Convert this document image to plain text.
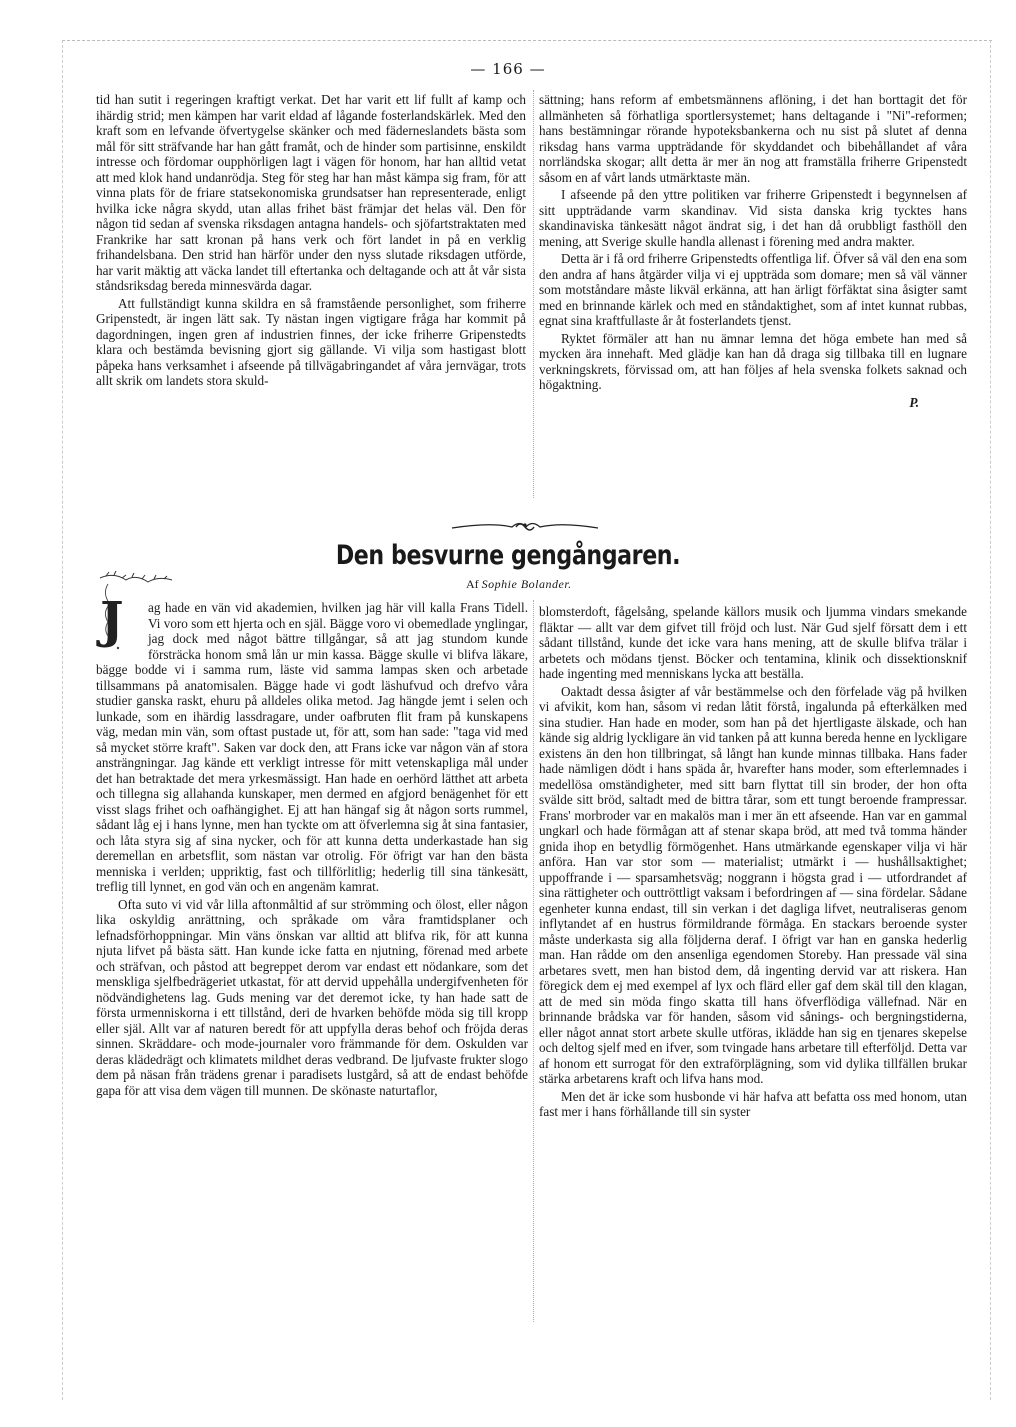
— 166 —

tid han sutit i regeringen kraftigt verkat. Det har varit ett lif fullt af kamp och ihärdig strid; men kämpen har varit eldad af lågande fosterlandskärlek. Med den kraft som en lefvande öfvertygelse skänker och med fäderneslandets bästa som mål för sitt sträfvande har han gått framåt, och de hinder som partisinne, enskildt intresse och fördomar oupphörligen lagt i vägen för honom, har han alltid vetat att med klok hand undanrödja. Steg för steg har han måst kämpa sig fram, för att vinna plats för de friare statsekonomiska grundsatser han representerade, enligt hvilka icke några skydd, utan allas frihet bäst främjar det helas väl. Den för någon tid sedan af svenska riksdagen antagna handels- och sjöfartstraktaten med Frankrike har satt kronan på hans verk och fört landet in på en verklig frihandelsbana. Den strid han härför under den nyss slutade riksdagen utförde, har varit mäktig att väcka landet till eftertanka och deltagande och att åt vår sista ståndsriksdag bereda minnesvärda dagar.

Att fullständigt kunna skildra en så framstående personlighet, som friherre Gripenstedt, är ingen lätt sak. Ty nästan ingen vigtigare fråga har kommit på dagordningen, ingen gren af industrien finnes, der icke friherre Gripenstedts klara och bestämda bevisning gjort sig gällande. Vi vilja som hastigast blott påpeka hans verksamhet i afseende på tillvägabringandet af våra jernvägar, trots allt skrik om landets stora skuld-

sättning; hans reform af embetsmännens aflöning, i det han borttagit det för allmänheten så förhatliga sportlersystemet; hans deltagande i "Ni"-reformen; hans bestämningar rörande hypoteksbankerna och nu sist på slutet af denna riksdag hans varma uppträdande för skyddandet och bibehållandet af våra norrländska skogar; allt detta är mer än nog att framställa friherre Gripenstedt såsom en af vårt lands utmärktaste män.

I afseende på den yttre politiken var friherre Gripenstedt i begynnelsen af sitt uppträdande varm skandinav. Vid sista danska krig tycktes hans skandinaviska tänkesätt något ändrat sig, i det han då orubbligt fasthöll den mening, att Sverige skulle handla allenast i förening med andra makter.

Detta är i få ord friherre Gripenstedts offentliga lif. Öfver så väl den ena som den andra af hans åtgärder vilja vi ej uppträda som domare; men så väl vänner som motståndare måste likväl erkänna, att han ärligt förfäktat sina åsigter samt med en brinnande kärlek och med en ståndaktighet, som af intet kunnat rubbas, egnat sina kraftfullaste år åt fosterlandets tjenst.

Ryktet förmäler att han nu ämnar lemna det höga embete han med så mycken ära innehaft. Med glädje kan han då draga sig tillbaka till en lugnare verkningskrets, förvissad om, att han följes af hela svenska folkets saknad och högaktning.

P.

Den besvurne gengångaren.
Af Sophie Bolander.

J ag hade en vän vid akademien, hvilken jag här vill kalla Frans Tidell. Vi voro som ett hjerta och en själ. Bägge voro vi obemedlade ynglingar, jag dock med något bättre tillgångar, så att jag stundom kunde försträcka honom små lån ur min kassa. Bägge skulle vi blifva läkare, bägge bodde vi i samma rum, läste vid samma lampas sken och arbetade tillsammans på anatomisalen. Bägge hade vi godt läshufvud och drefvo våra studier ganska raskt, ehuru på alldeles olika metod. Jag hängde jemt i selen och lunkade, som en ihärdig lassdragare, under oafbruten flit fram på kunskapens väg, medan min vän, som oftast pustade ut, för att, som han sade: "taga vid med så mycket större kraft". Saken var dock den, att Frans icke var någon vän af stora ansträngningar. Jag kände ett verkligt intresse för mitt vetenskapliga mål under det han betraktade det mera yrkesmässigt. Han hade en oerhörd lätthet att arbeta och tillegna sig allahanda kunskaper, men dermed en afgjord benägenhet för ett visst slags frihet och oafhängighet. Ej att han hängaf sig åt någon sorts rummel, sådant låg ej i hans lynne, men han tyckte om att öfverlemna sig åt sina fantasier, och låta styra sig af sina nycker, och för att kunna detta underkastade han sig deremellan en arbetsflit, som nästan var otrolig. För öfrigt var han den bästa menniska i verlden; uppriktig, fast och tillförlitlig; hederlig till sina tänkesätt, treflig till lynnet, en god vän och en angenäm kamrat.

Ofta suto vi vid vår lilla aftonmåltid af sur strömming och ölost, eller någon lika oskyldig anrättning, och språkade om våra framtidsplaner och lefnadsförhoppningar. Min väns önskan var alltid att blifva rik, för att kunna njuta lifvet på bästa sätt. Han kunde icke fatta en njutning, förenad med arbete och sträfvan, och påstod att begreppet derom var endast ett nödankare, som det menskliga sjelfbedrägeriet utkastat, för att dervid uppehålla undergifvenheten för nödvändighetens lag. Guds mening var det deremot icke, ty han hade satt de första urmenniskorna i ett tillstånd, deri de hvarken behöfde möda sig till kropp eller själ. Allt var af naturen beredt för att uppfylla deras behof och fröjda deras sinnen. Skräddare- och mode-journaler voro främmande för dem. Oskulden var deras klädedrägt och klimatets mildhet deras vedbrand. De ljufvaste frukter slogo dem på näsan från trädens grenar i paradisets lustgård, så att de endast behöfde gapa för att visa dem vägen till munnen. De skönaste naturtaflor,

blomsterdoft, fågelsång, spelande källors musik och ljumma vindars smekande fläktar — allt var dem gifvet till fröjd och lust. När Gud sjelf försatt dem i ett sådant tillstånd, kunde det icke vara hans mening, att de skulle blifva trälar i arbetets och mödans tjenst. Böcker och tentamina, klinik och dissektionsknif hade ingenting med menniskans lycka att beställa.

Oaktadt dessa åsigter af vår bestämmelse och den förfelade väg på hvilken vi afvikit, kom han, såsom vi redan låtit förstå, ingalunda på efterkälken med sina studier. Han hade en moder, som han på det hjertligaste älskade, och han kände sig aldrig lyckligare än vid tanken på att kunna bereda henne en lyckligare existens än den hon tillbringat, så långt han kunde minnas tillbaka. Hans fader hade nämligen dödt i hans späda år, hvarefter hans moder, som efterlemnades i medellösa omständigheter, med sitt barn flyttat till sin broder, der hon ofta svälde sitt bröd, saltadt med de bittra tårar, som ett tungt beroende frampressar. Frans' morbroder var en makalös man i mer än ett afseende. Han var en gammal ungkarl och hade förmågan att af stenar skapa bröd, att med två tomma händer gnida ihop en betydlig förmögenhet. Hans utmärkande egenskaper vilja vi här anföra. Han var stor som — materialist; utmärkt i — hushållsaktighet; uppoffrande i — sparsamhetsväg; noggrann i högsta grad i — utfordrandet af sina rättigheter och outtröttligt vaksam i befordringen af — sina fördelar. Sådane egenheter kunna endast, till sin verkan i det dagliga lifvet, neutraliseras genom inflytandet af en hustrus förmildrande förmåga. En stackars beroende syster måste underkasta sig alla följderna deraf. I öfrigt var han en ganska hederlig man. Han rådde om den ansenliga egendomen Storeby. Han pressade väl sina arbetares svett, men han bistod dem, då ingenting dervid var att riskera. Han föregick dem ej med exempel af lyx och flärd eller gaf dem skäl till den klagan, att de med sin möda fingo skatta till hans öfverflödiga vällefnad. När en brinnande brådska var för handen, såsom vid sånings- och bergningstiderna, eller något annat stort arbete skulle utföras, iklädde han sig en tjenares skepelse och deltog sjelf med en ifver, som tvingade hans arbetare till efterföljd. Detta var af honom ett surrogat för den extraförplägning, som vid dylika tillfällen brukar stärka arbetarens kraft och lifva hans mod.

Men det är icke som husbonde vi här hafva att befatta oss med honom, utan fast mer i hans förhållande till sin syster
